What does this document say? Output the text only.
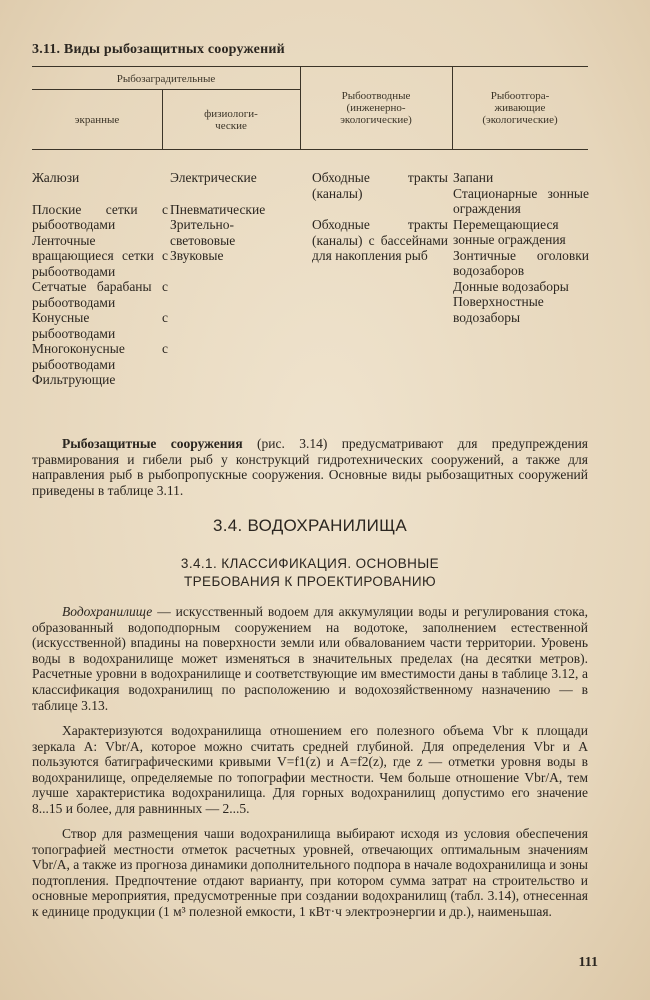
3.11. Виды рыбозащитных сооружений
Рыбозаградительные
экранные	физиологи-
ческие
Рыбоотводные
(инженерно-
экологические)
Рыбоотгора-
живающие
(экологические)
Жалюзи
Плоские сетки с рыбоотводами
Ленточные вращающиеся сетки с рыбоотводами
Сетчатые барабаны с рыбоотводами
Конусные с рыбоотводами
Многоконусные с рыбоотводами
Фильтрующие
Электрические
Пневматические
Зрительно-светововые
Звуковые
Обходные тракты (каналы)
Обходные тракты (каналы) с бассейнами для накопления рыб
Запани
Стационарные зонные ограждения
Перемещающиеся зонные ограждения
Зонтичные оголовки водозаборов
Донные водозаборы
Поверхностные водозаборы

Рыбозащитные сооружения (рис. 3.14) предусматривают для предупреждения травмирования и гибели рыб у конструкций гидротехнических сооружений, а также для направления рыб в рыбопропускные сооружения. Основные виды рыбозащитных сооружений приведены в таблице 3.11.

3.4. ВОДОХРАНИЛИЩА
3.4.1. КЛАССИФИКАЦИЯ. ОСНОВНЫЕ ТРЕБОВАНИЯ К ПРОЕКТИРОВАНИЮ

Водохранилище — искусственный водоем для аккумуляции воды и регулирования стока, образованный водоподпорным сооружением на водотоке, заполнением естественной (искусственной) впадины на поверхности земли или обвалованием части территории. Уровень воды в водохранилище может изменяться в значительных пределах (на десятки метров). Расчетные уровни в водохранилище и соответствующие им вместимости даны в таблице 3.12, а классификация водохранилищ по расположению и водохозяйственному назначению — в таблице 3.13.

Характеризуются водохранилища отношением его полезного объема Vbr к площади зеркала A: Vbr/A, которое можно считать средней глубиной. Для определения Vbr и A пользуются батиграфическими кривыми V=f1(z) и A=f2(z), где z — отметки уровня воды в водохранилище, определяемые по топографии местности. Чем больше отношение Vbr/A, тем лучше характеристика водохранилища. Для горных водохранилищ допустимо его значение 8...15 и более, для равнинных — 2...5.

Створ для размещения чаши водохранилища выбирают исходя из условия обеспечения топографией местности отметок расчетных уровней, отвечающих оптимальным значениям Vbr/A, а также из прогноза динамики дополнительного подпора в начале водохранилища и зоны подтопления. Предпочтение отдают варианту, при котором сумма затрат на строительство и основные мероприятия, предусмотренные при создании водохранилищ (табл. 3.14), отнесенная к единице продукции (1 м³ полезной емкости, 1 кВт·ч электроэнергии и др.), наименьшая.

111
